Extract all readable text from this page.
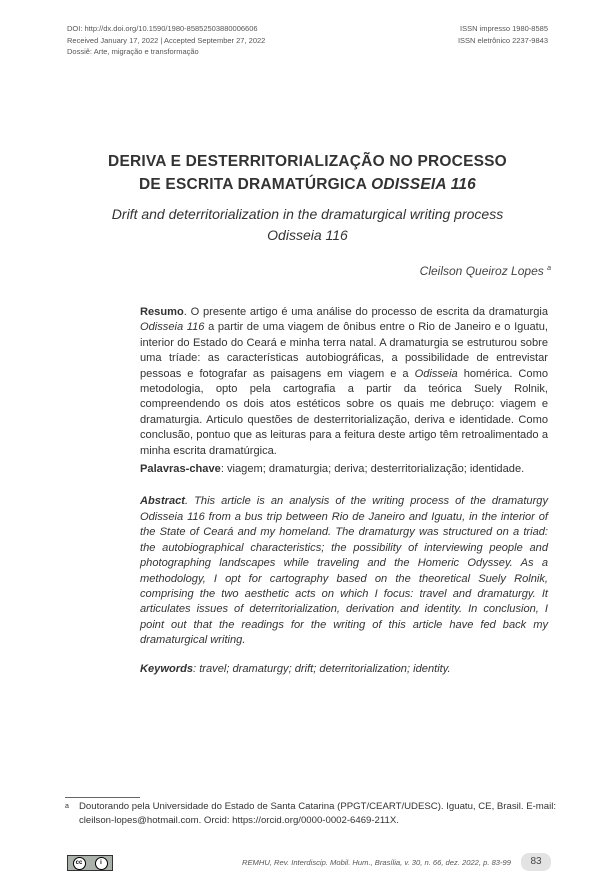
DOI: http://dx.doi.org/10.1590/1980-85852503880006606
Received January 17, 2022 | Accepted September 27, 2022
Dossiê: Arte, migração e transformação
ISSN impresso 1980-8585
ISSN eletrônico 2237-9843
DERIVA E DESTERRITORIALIZAÇÃO NO PROCESSO
DE ESCRITA DRAMATÚRGICA ODISSEIA 116
Drift and deterritorialization in the dramaturgical writing process
Odisseia 116
Cleilson Queiroz Lopes $^a$

Resumo. O presente artigo é uma análise do processo de escrita da dramaturgia Odisseia 116 a partir de uma viagem de ônibus entre o Rio de Janeiro e o Iguatu, interior do Estado do Ceará e minha terra natal. A dramaturgia se estruturou sobre uma tríade: as características autobiográficas, a possibilidade de entrevistar pessoas e fotografar as paisagens em viagem e a Odisseia homérica. Como metodologia, opto pela cartografia a partir da teórica Suely Rolnik, compreendendo os dois atos estéticos sobre os quais me debruço: viagem e dramaturgia. Articulo questões de desterritorialização, deriva e identidade. Como conclusão, pontuo que as leituras para a feitura deste artigo têm retroalimentado a minha escrita dramatúrgica.

Palavras-chave: viagem; dramaturgia; deriva; desterritorialização; identidade.

Abstract. This article is an analysis of the writing process of the dramaturgy Odisseia 116 from a bus trip between Rio de Janeiro and Iguatu, in the interior of the State of Ceará and my homeland. The dramaturgy was structured on a triad: the autobiographical characteristics; the possibility of interviewing people and photographing landscapes while traveling and the Homeric Odyssey. As a methodology, I opt for cartography based on the theoretical Suely Rolnik, comprising the two aesthetic acts on which I focus: travel and dramaturgy. It articulates issues of deterritorialization, derivation and identity. In conclusion, I point out that the readings for the writing of this article have fed back my dramaturgical writing.

Keywords: travel; dramaturgy; drift; deterritorialization; identity.

a Doutorando pela Universidade do Estado de Santa Catarina (PPGT/CEART/UDESC). Iguatu, CE, Brasil. E-mail: cleilson-lopes@hotmail.com. Orcid: https://orcid.org/0000-0002-6469-211X.
cc	i	REMHU, Rev. Interdiscip. Mobil. Hum., Brasília, v. 30, n. 66, dez. 2022, p. 83-99	83
